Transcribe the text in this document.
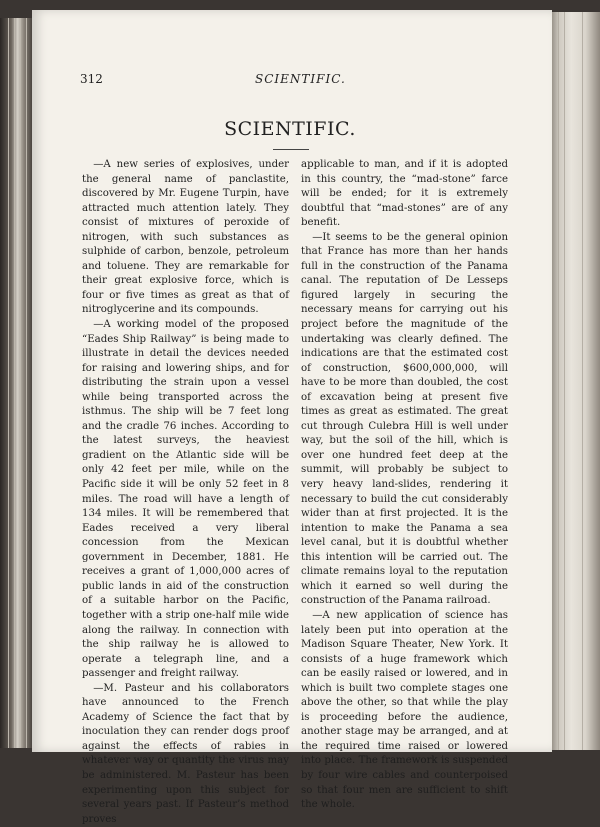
312	SCIENTIFIC.
SCIENTIFIC.

—A new series of explosives, under the general name of panclastite, discovered by Mr. Eugene Turpin, have attracted much attention lately. They consist of mixtures of peroxide of nitrogen, with such substances as sulphide of carbon, benzole, petroleum and toluene. They are remarkable for their great explosive force, which is four or five times as great as that of nitroglycerine and its compounds.

—A working model of the proposed “Eades Ship Railway” is being made to illustrate in detail the devices needed for raising and lowering ships, and for distributing the strain upon a vessel while being transported across the isthmus. The ship will be 7 feet long and the cradle 76 inches. According to the latest surveys, the heaviest gradient on the Atlantic side will be only 42 feet per mile, while on the Pacific side it will be only 52 feet in 8 miles. The road will have a length of 134 miles. It will be remembered that Eades received a very liberal concession from the Mexican government in December, 1881. He receives a grant of 1,000,000 acres of public lands in aid of the construction of a suitable harbor on the Pacific, together with a strip one-half mile wide along the railway. In connection with the ship railway he is allowed to operate a telegraph line, and a passenger and freight railway.

—M. Pasteur and his collaborators have announced to the French Academy of Science the fact that by inoculation they can render dogs proof against the effects of rabies in whatever way or quantity the virus may be administered. M. Pasteur has been experimenting upon this subject for several years past. If Pasteur’s method proves

applicable to man, and if it is adopted in this country, the “mad-stone” farce will be ended; for it is extremely doubtful that “mad-stones” are of any benefit.

—It seems to be the general opinion that France has more than her hands full in the construction of the Panama canal. The reputation of De Lesseps figured largely in securing the necessary means for carrying out his project before the magnitude of the undertaking was clearly defined. The indications are that the estimated cost of construction, $600,000,000, will have to be more than doubled, the cost of excavation being at present five times as great as estimated. The great cut through Culebra Hill is well under way, but the soil of the hill, which is over one hundred feet deep at the summit, will probably be subject to very heavy land-slides, rendering it necessary to build the cut considerably wider than at first projected. It is the intention to make the Panama a sea level canal, but it is doubtful whether this intention will be carried out. The climate remains loyal to the reputation which it earned so well during the construction of the Panama railroad.

—A new application of science has lately been put into operation at the Madison Square Theater, New York. It consists of a huge framework which can be easily raised or lowered, and in which is built two complete stages one above the other, so that while the play is proceeding before the audience, another stage may be arranged, and at the required time raised or lowered into place. The framework is suspended by four wire cables and counterpoised so that four men are sufficient to shift the whole.
